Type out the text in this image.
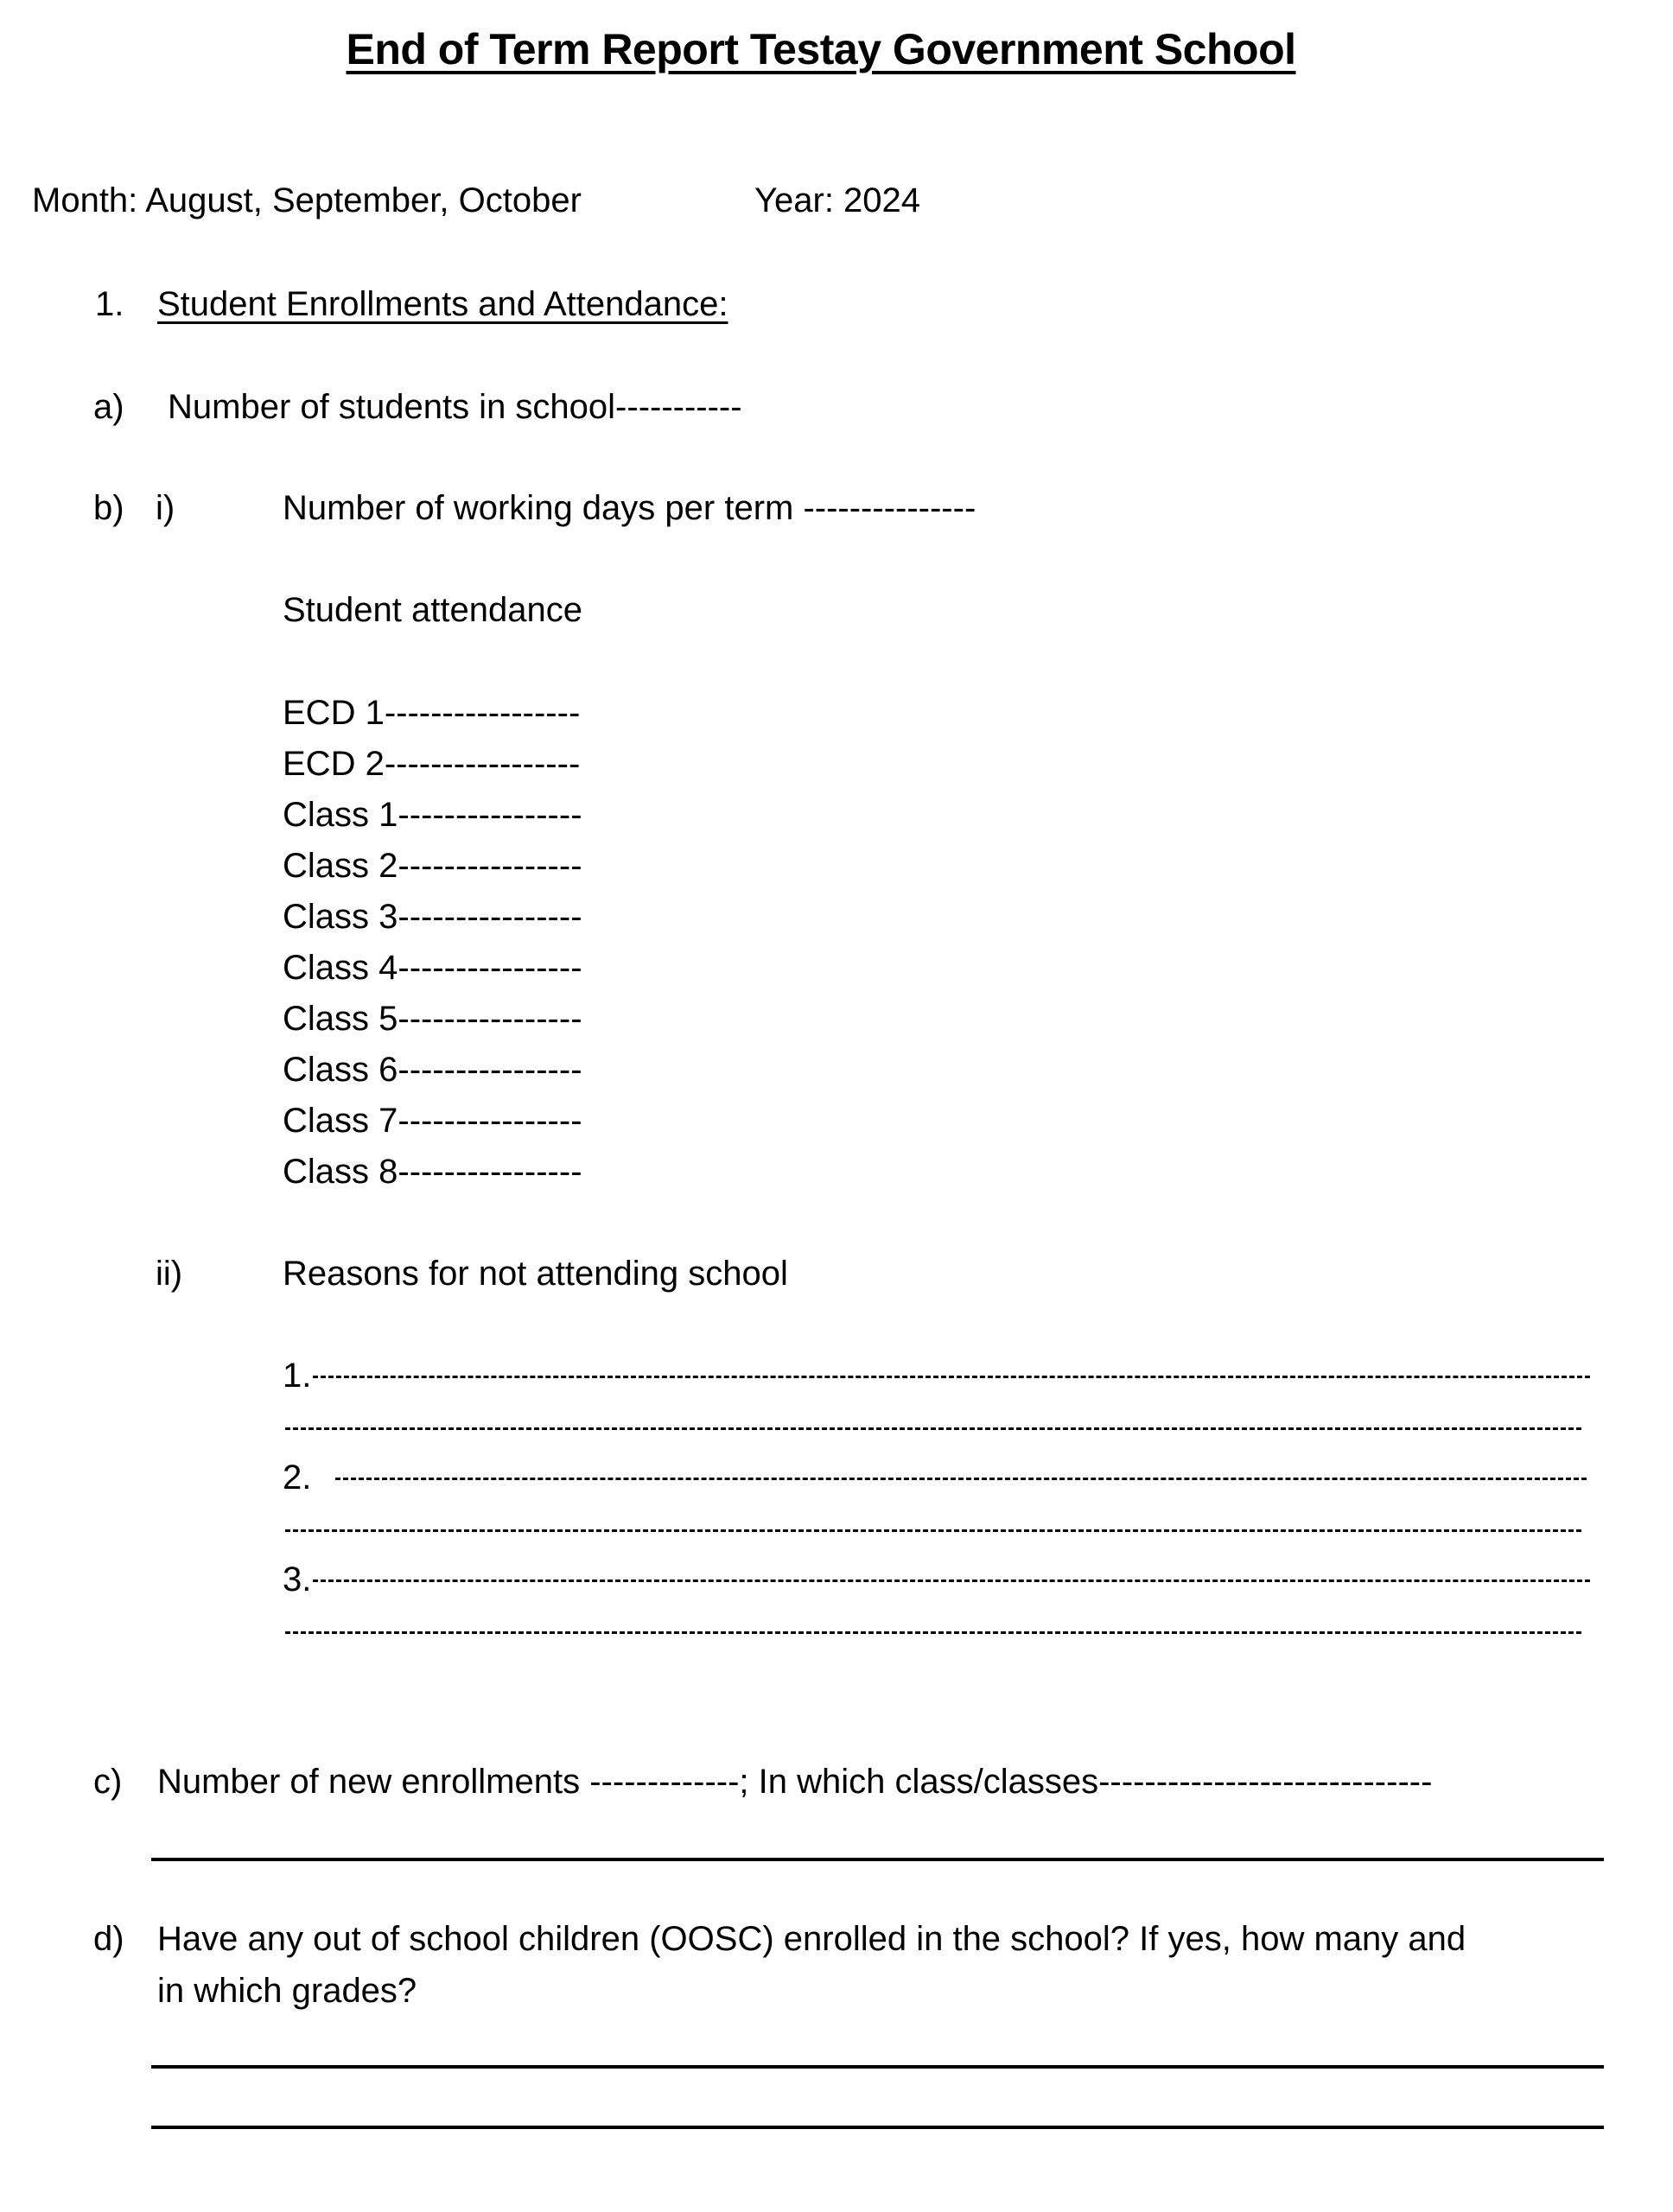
End of Term Report Testay Government School
Month: August, September, October	Year: 2024
1. Student Enrollments and Attendance:
a) Number of students in school-----------
b) i)	Number of working days per term ---------------
Student attendance
ECD 1-----------------
ECD 2-----------------
Class 1----------------
Class 2----------------
Class 3----------------
Class 4----------------
Class 5----------------
Class 6----------------
Class 7----------------
Class 8----------------
ii)	Reasons for not attending school
1.
2.
3.
c) Number of new enrollments -------------; In which class/classes-----------------------------
d) Have any out of school children (OOSC) enrolled in the school? If yes, how many and
in which grades?
